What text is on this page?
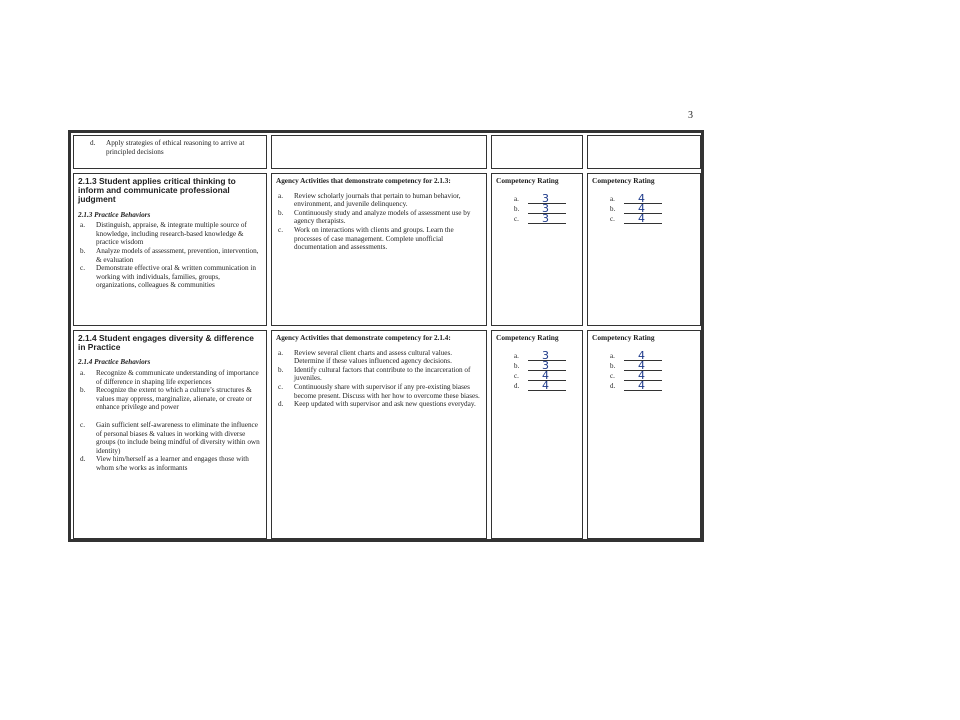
3
d.	Apply strategies of ethical reasoning to arrive at principled decisions
2.1.3 Student applies critical thinking to inform and communicate professional judgment
2.1.3 Practice Behaviors
a.	Distinguish, appraise, & integrate multiple source of knowledge, including research-based knowledge & practice wisdom
b.	Analyze models of assessment, prevention, intervention, & evaluation
c.	Demonstrate effective oral & written communication in working with individuals, families, groups, organizations, colleagues & communities
Agency Activities that demonstrate competency for 2.1.3:
a.	Review scholarly journals that pertain to human behavior, environment, and juvenile delinquency.
b.	Continuously study and analyze models of assessment use by agency therapists.
c.	Work on interactions with clients and groups. Learn the processes of case management. Complete unofficial documentation and assessments.
Competency Rating
a.	3
b.	3
c.	3
Competency Rating
a.	4
b.	4
c.	4
2.1.4 Student engages diversity & difference in Practice
2.1.4 Practice Behaviors
a.	Recognize & communicate understanding of importance of difference in shaping life experiences
b.	Recognize the extent to which a culture’s structures & values may oppress, marginalize, alienate, or create or enhance privilege and power
c.	Gain sufficient self-awareness to eliminate the influence of personal biases & values in working with diverse groups (to include being mindful of diversity within own identity)
d.	View him/herself as a learner and engages those with whom s/he works as informants
Agency Activities that demonstrate competency for 2.1.4:
a.	Review several client charts and assess cultural values. Determine if these values influenced agency decisions.
b.	Identify cultural factors that contribute to the incarceration of juveniles.
c.	Continuously share with supervisor if any pre-existing biases become present. Discuss with her how to overcome these biases.
d.	Keep updated with supervisor and ask new questions everyday.
Competency Rating
a.	3
b.	3
c.	4
d.	4
Competency Rating
a.	4
b.	4
c.	4
d.	4
